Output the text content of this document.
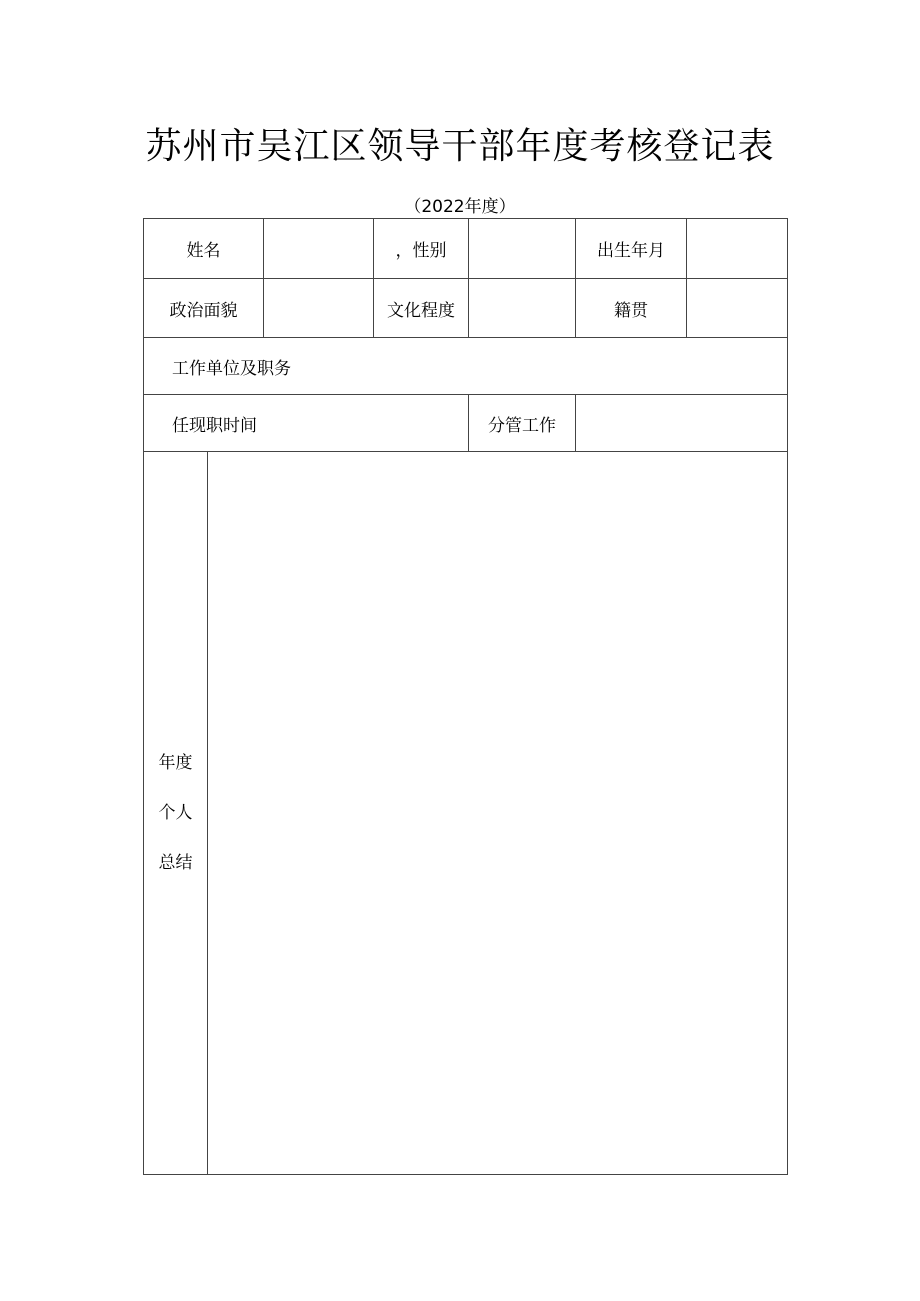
苏州市吴江区领导干部年度考核登记表
（2022年度）
姓名	，性别	出生年月
政治面貌	文化程度	籍贯
工作单位及职务
任现职时间	分管工作
年度
个人
总结
